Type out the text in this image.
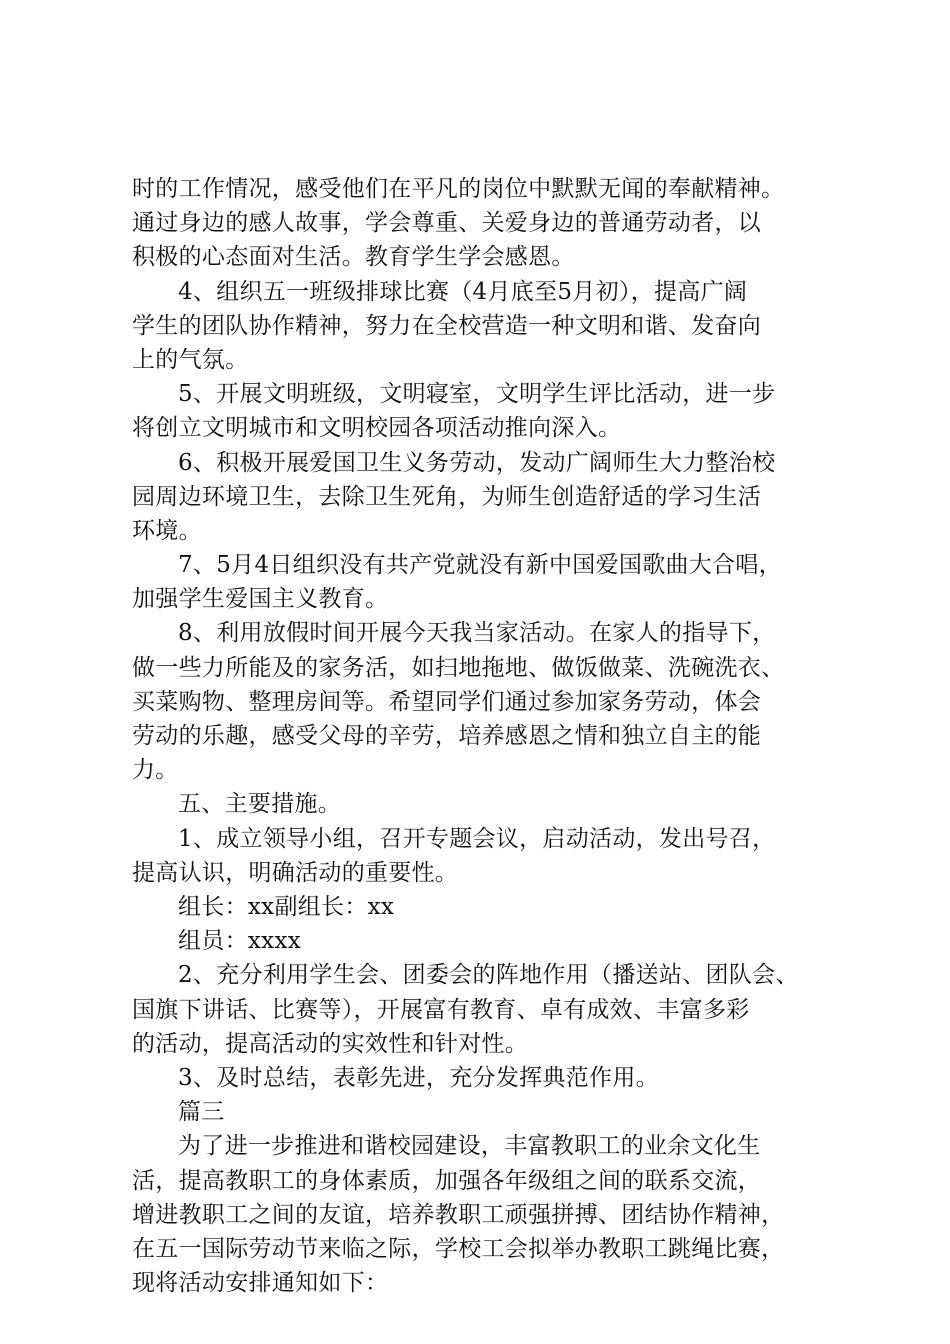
时的工作情况，感受他们在平凡的岗位中默默无闻的奉献精神。
通过身边的感人故事，学会尊重、关爱身边的普通劳动者，以
积极的心态面对生活。教育学生学会感恩。
4、组织五一班级排球比赛（4月底至5月初），提高广阔
学生的团队协作精神，努力在全校营造一种文明和谐、发奋向
上的气氛。
5、开展文明班级，文明寝室，文明学生评比活动，进一步
将创立文明城市和文明校园各项活动推向深入。
6、积极开展爱国卫生义务劳动，发动广阔师生大力整治校
园周边环境卫生，去除卫生死角，为师生创造舒适的学习生活
环境。
7、5月4日组织没有共产党就没有新中国爱国歌曲大合唱，
加强学生爱国主义教育。
8、利用放假时间开展今天我当家活动。在家人的指导下，
做一些力所能及的家务活，如扫地拖地、做饭做菜、洗碗洗衣、
买菜购物、整理房间等。希望同学们通过参加家务劳动，体会
劳动的乐趣，感受父母的辛劳，培养感恩之情和独立自主的能
力。
五、主要措施。
1、成立领导小组，召开专题会议，启动活动，发出号召，
提高认识，明确活动的重要性。
组长：xx副组长：xx
组员：xxxx
2、充分利用学生会、团委会的阵地作用（播送站、团队会、
国旗下讲话、比赛等），开展富有教育、卓有成效、丰富多彩
的活动，提高活动的实效性和针对性。
3、及时总结，表彰先进，充分发挥典范作用。
篇三
为了进一步推进和谐校园建设，丰富教职工的业余文化生
活，提高教职工的身体素质，加强各年级组之间的联系交流，
增进教职工之间的友谊，培养教职工顽强拼搏、团结协作精神，
在五一国际劳动节来临之际，学校工会拟举办教职工跳绳比赛，
现将活动安排通知如下：
